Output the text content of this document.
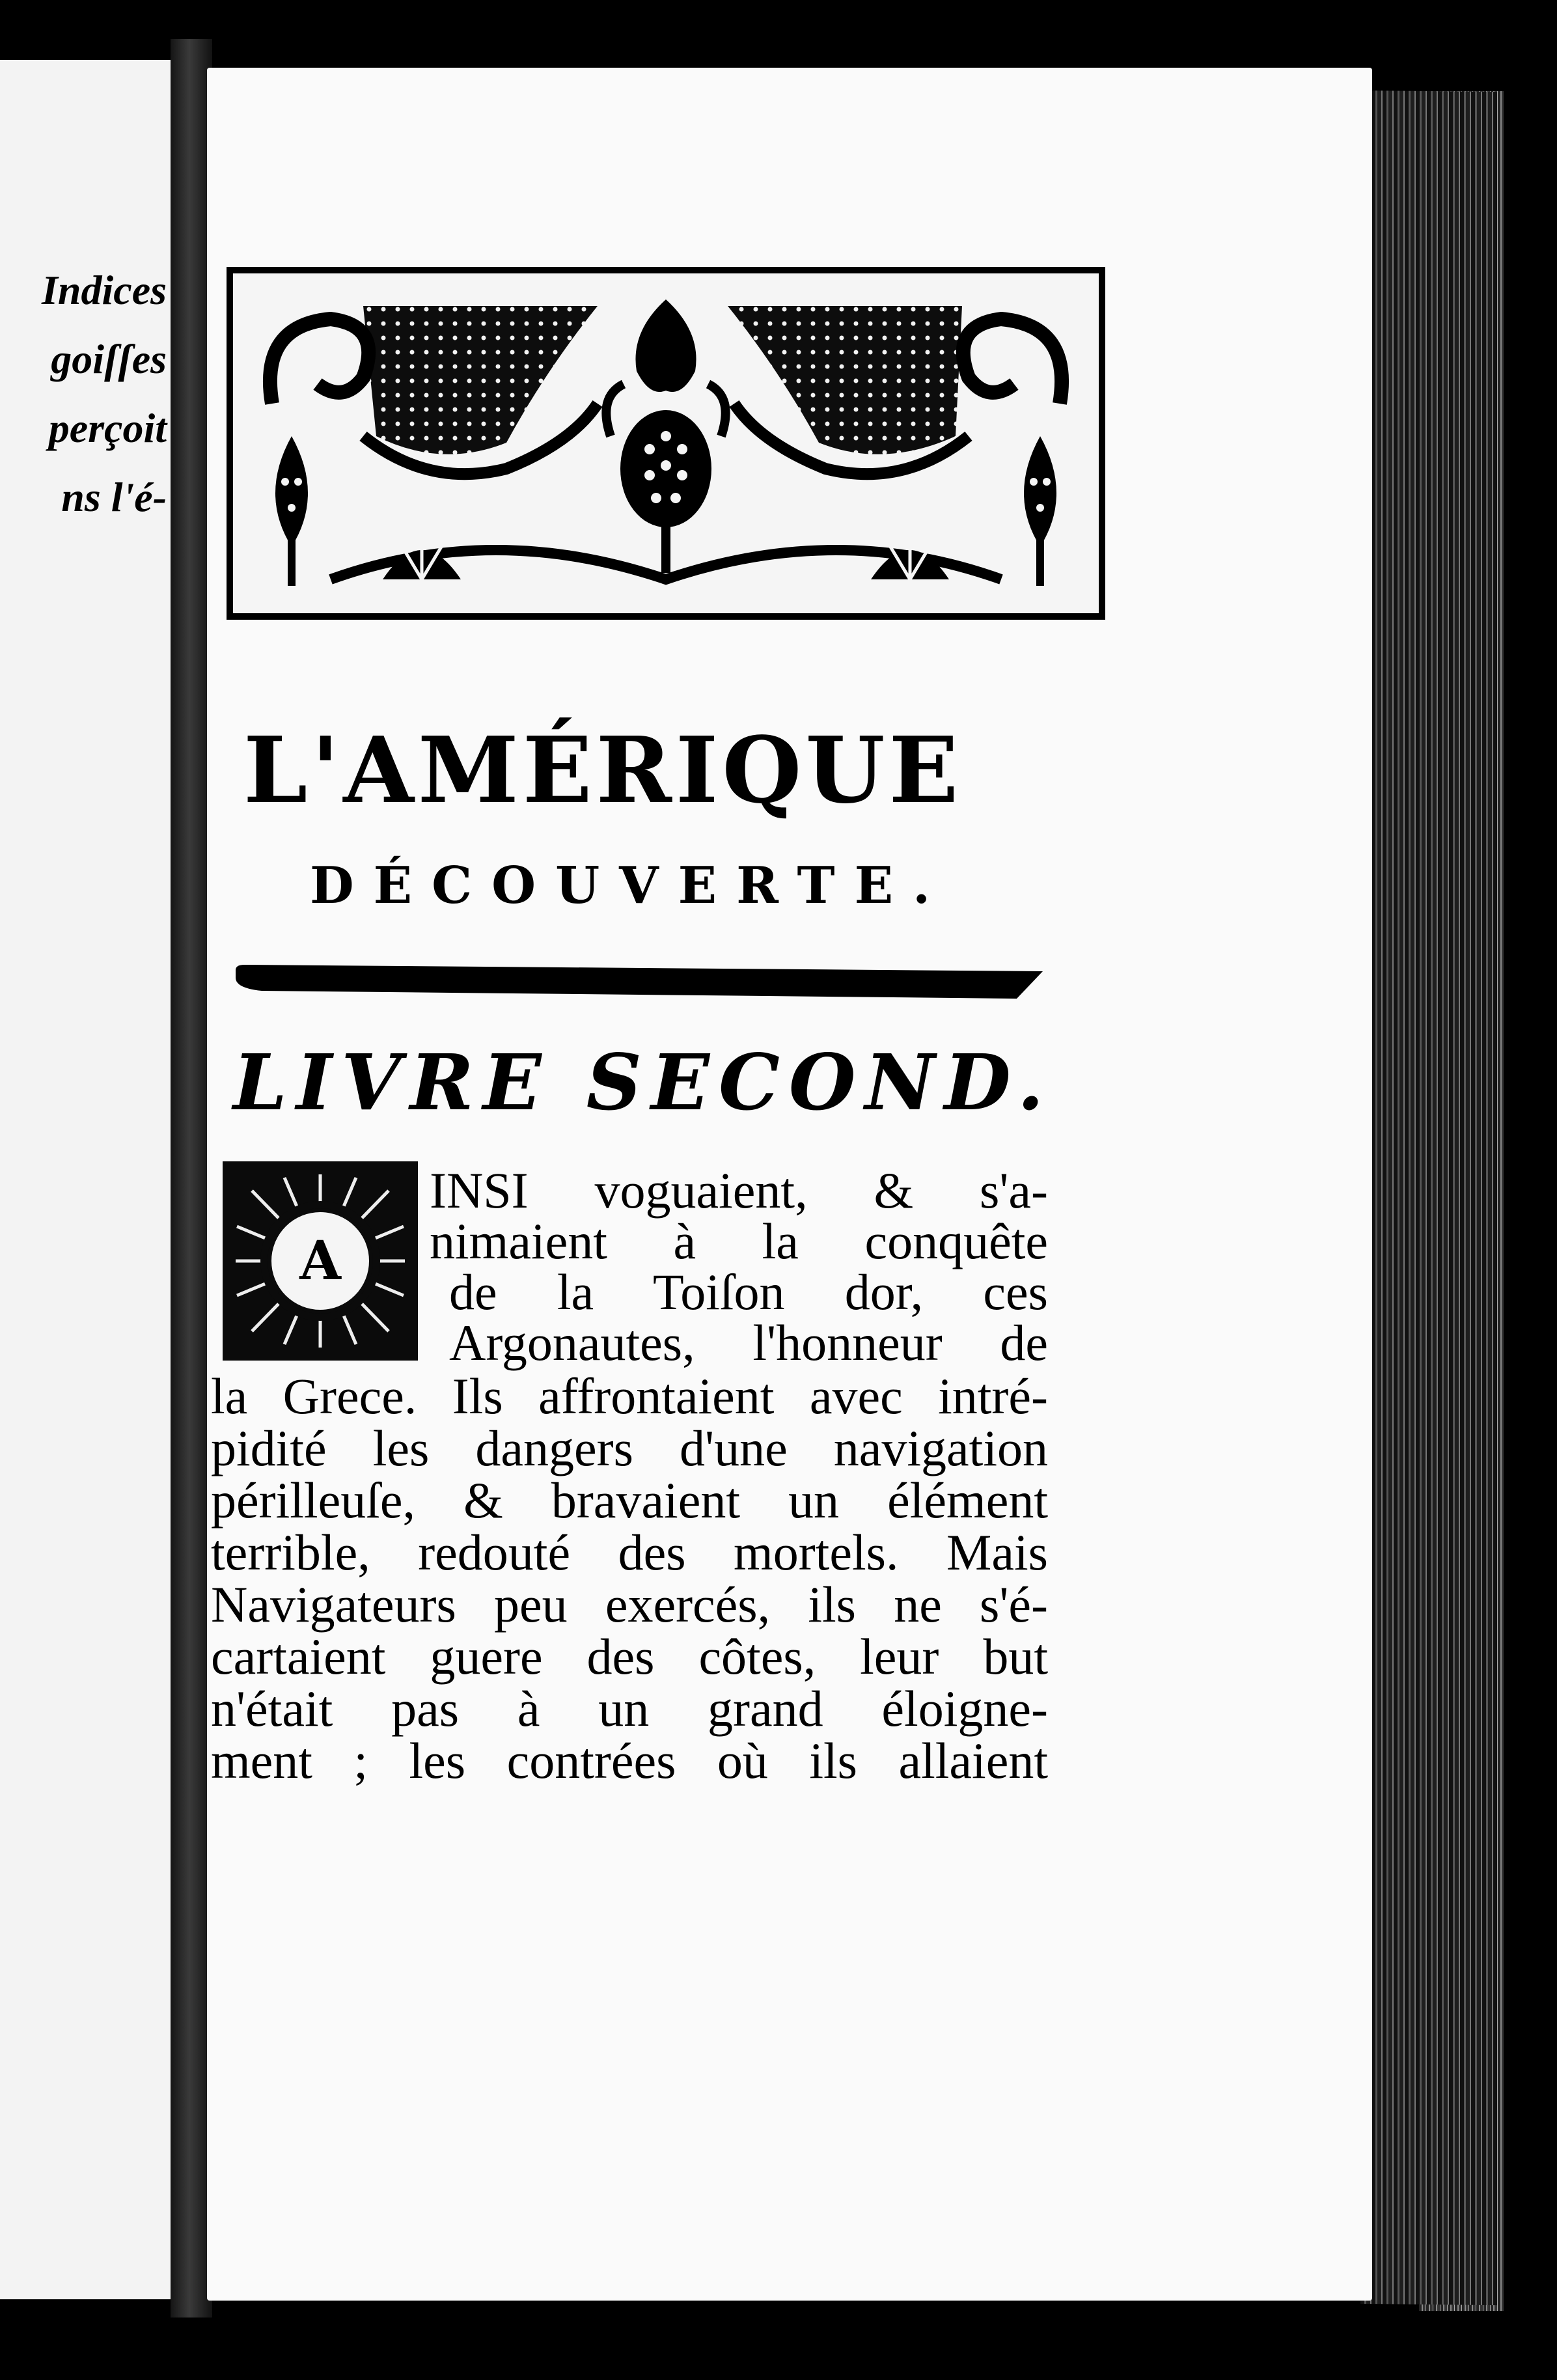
Indices
goiſſes
perçoit
ns l'é-
L'AMÉRIQUE
DÉCOUVERTE.
LIVRE SECOND.
A
INSI voguaient, & s'a-
nimaient à la conquête
de la Toiſon dor, ces
Argonautes, l'honneur de
la Grece. Ils affrontaient avec intré-
pidité les dangers d'une navigation
périlleuſe, & bravaient un élément
terrible, redouté des mortels. Mais
Navigateurs peu exercés, ils ne s'é-
cartaient guere des côtes, leur but
n'était pas à un grand éloigne-
ment ; les contrées où ils allaient
